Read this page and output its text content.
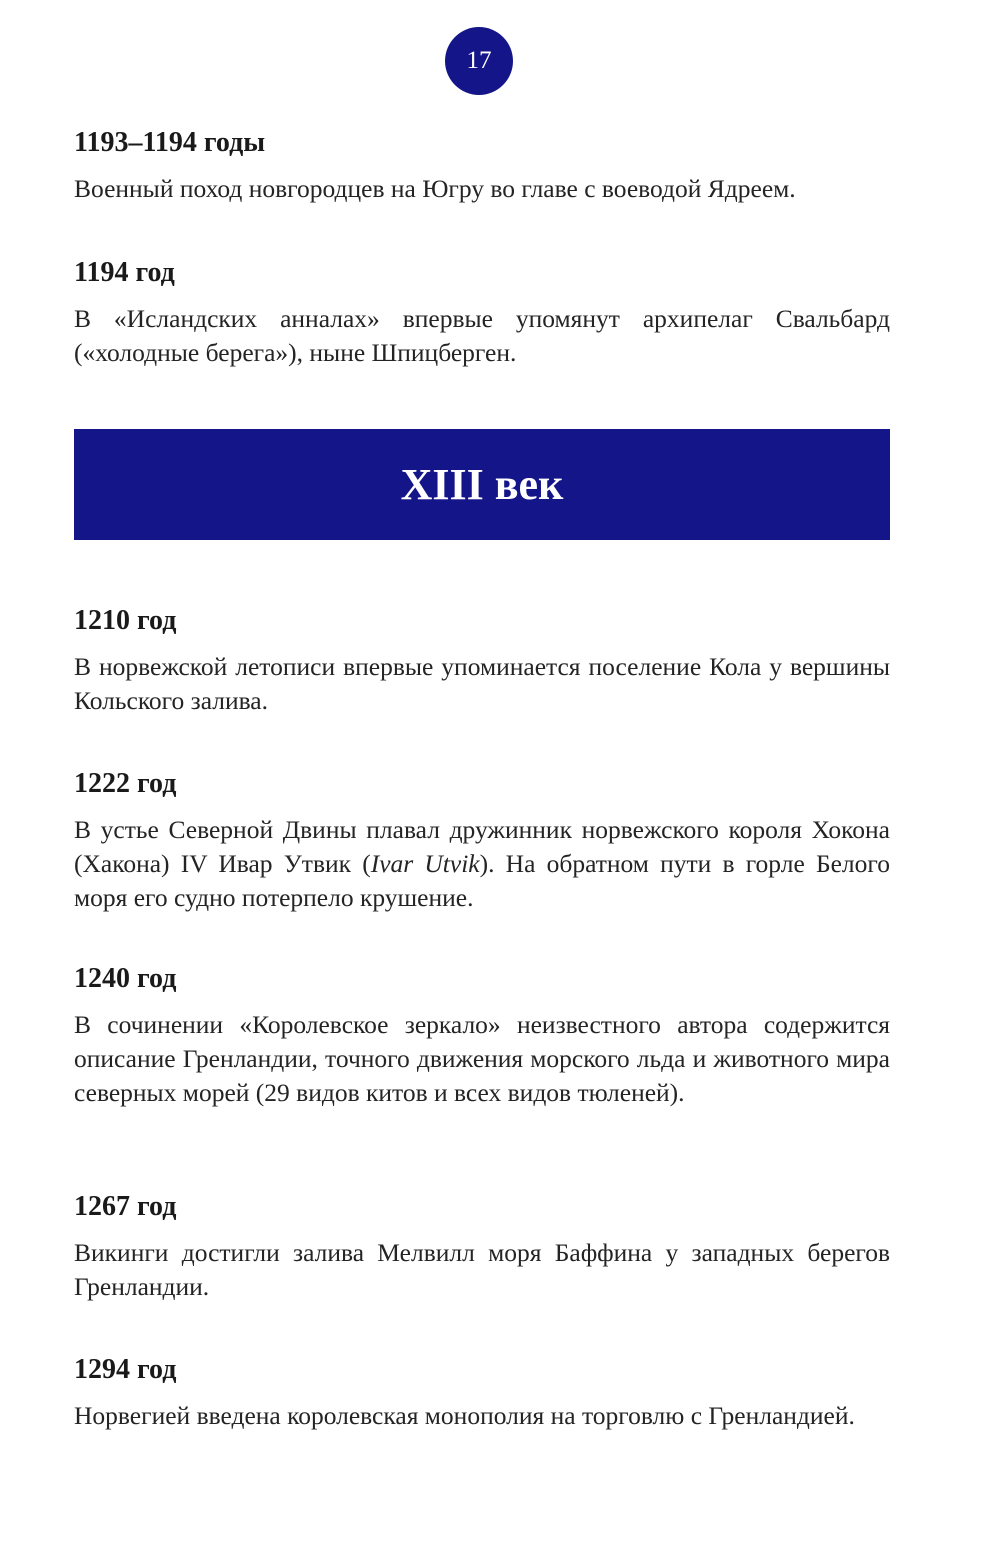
17

1193–1194 годы

Военный поход новгородцев на Югру во главе с воеводой Ядреем.

1194 год

В «Исландских анналах» впервые упомянут архипелаг Свальбард («холодные берега»), ныне Шпицберген.

XIII век

1210 год

В норвежской летописи впервые упоминается поселение Кола у вершины Кольского залива.

1222 год

В устье Северной Двины плавал дружинник норвежского короля Хокона (Хакона) IV Ивар Утвик (Ivar Utvik). На обратном пути в горле Белого моря его судно потерпело крушение.

1240 год

В сочинении «Королевское зеркало» неизвестного автора содержится описание Гренландии, точного движения морского льда и животного мира северных морей (29 видов китов и всех видов тюленей).

1267 год

Викинги достигли залива Мелвилл моря Баффина у западных берегов Гренландии.

1294 год

Норвегией введена королевская монополия на торговлю с Гренландией.
